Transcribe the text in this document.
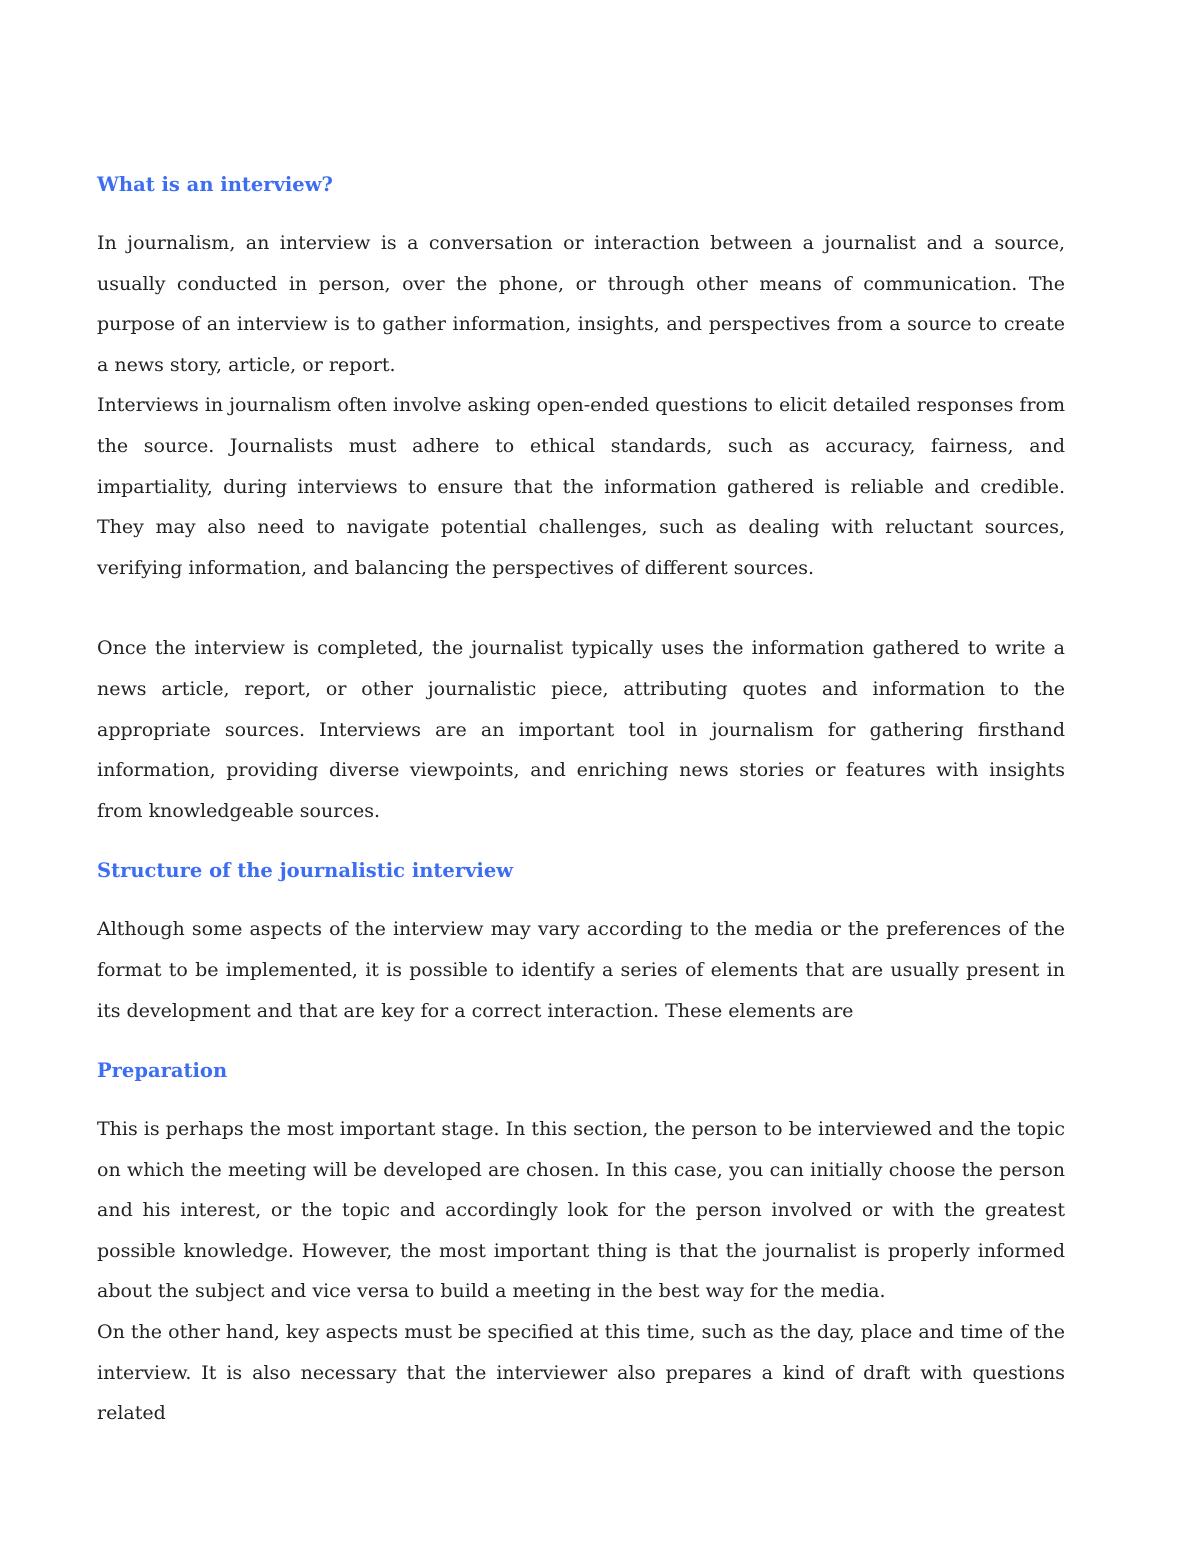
What is an interview?

In journalism, an interview is a conversation or interaction between a journalist and a source, usually conducted in person, over the phone, or through other means of communication. The purpose of an interview is to gather information, insights, and perspectives from a source to create a news story, article, or report.

Interviews in journalism often involve asking open-ended questions to elicit detailed responses from the source. Journalists must adhere to ethical standards, such as accuracy, fairness, and impartiality, during interviews to ensure that the information gathered is reliable and credible. They may also need to navigate potential challenges, such as dealing with reluctant sources, verifying information, and balancing the perspectives of different sources.

Once the interview is completed, the journalist typically uses the information gathered to write a news article, report, or other journalistic piece, attributing quotes and information to the appropriate sources. Interviews are an important tool in journalism for gathering firsthand information, providing diverse viewpoints, and enriching news stories or features with insights from knowledgeable sources.

Structure of the journalistic interview

Although some aspects of the interview may vary according to the media or the preferences of the format to be implemented, it is possible to identify a series of elements that are usually present in its development and that are key for a correct interaction. These elements are

Preparation

This is perhaps the most important stage. In this section, the person to be interviewed and the topic on which the meeting will be developed are chosen. In this case, you can initially choose the person and his interest, or the topic and accordingly look for the person involved or with the greatest possible knowledge. However, the most important thing is that the journalist is properly informed about the subject and vice versa to build a meeting in the best way for the media.

On the other hand, key aspects must be specified at this time, such as the day, place and time of the interview. It is also necessary that the interviewer also prepares a kind of draft with questions related
